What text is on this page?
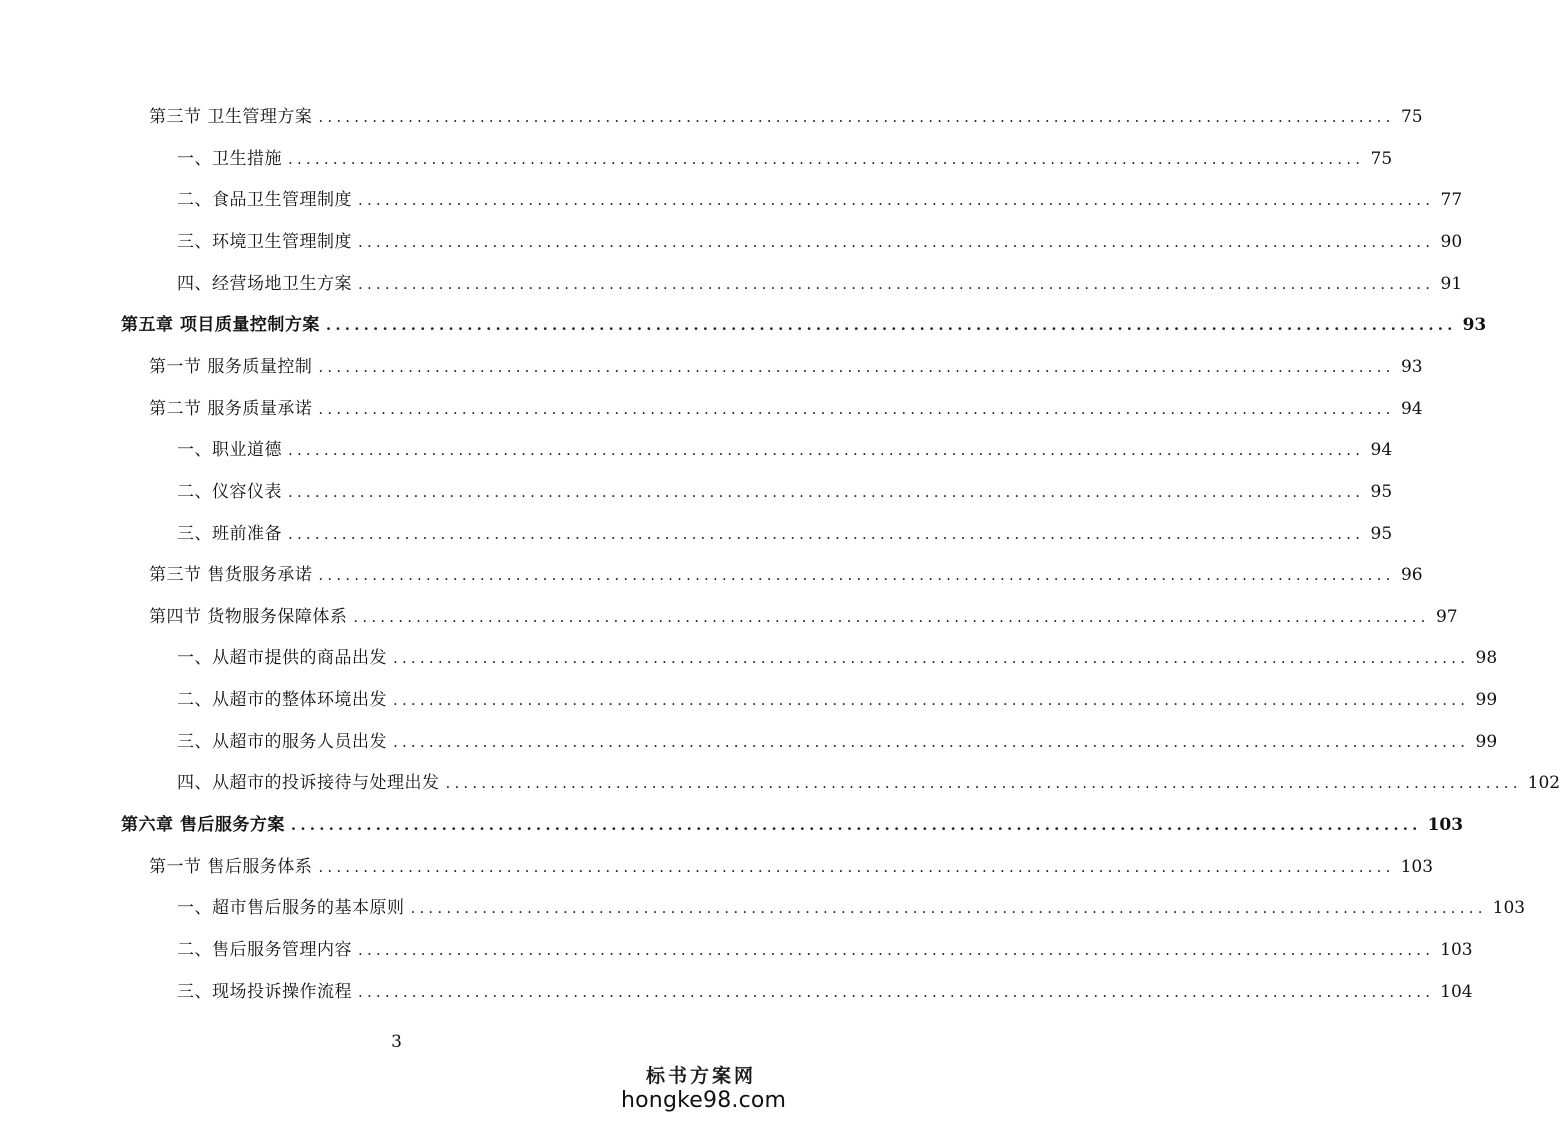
第三节 卫生管理方案 ........................................................................................................................ 75
一、卫生措施 ........................................................................................................................ 75
二、食品卫生管理制度 ........................................................................................................................ 77
三、环境卫生管理制度 ........................................................................................................................ 90
四、经营场地卫生方案 ........................................................................................................................ 91
第五章 项目质量控制方案 ........................................................................................................................ 93
第一节 服务质量控制 ........................................................................................................................ 93
第二节 服务质量承诺 ........................................................................................................................ 94
一、职业道德 ........................................................................................................................ 94
二、仪容仪表 ........................................................................................................................ 95
三、班前准备 ........................................................................................................................ 95
第三节 售货服务承诺 ........................................................................................................................ 96
第四节 货物服务保障体系 ........................................................................................................................ 97
一、从超市提供的商品出发 ........................................................................................................................ 98
二、从超市的整体环境出发 ........................................................................................................................ 99
三、从超市的服务人员出发 ........................................................................................................................ 99
四、从超市的投诉接待与处理出发 ........................................................................................................................ 102
第六章 售后服务方案 ........................................................................................................................ 103
第一节 售后服务体系 ........................................................................................................................ 103
一、超市售后服务的基本原则 ........................................................................................................................ 103
二、售后服务管理内容 ........................................................................................................................ 103
三、现场投诉操作流程 ........................................................................................................................ 104
3
标书方案网
hongke98.com
